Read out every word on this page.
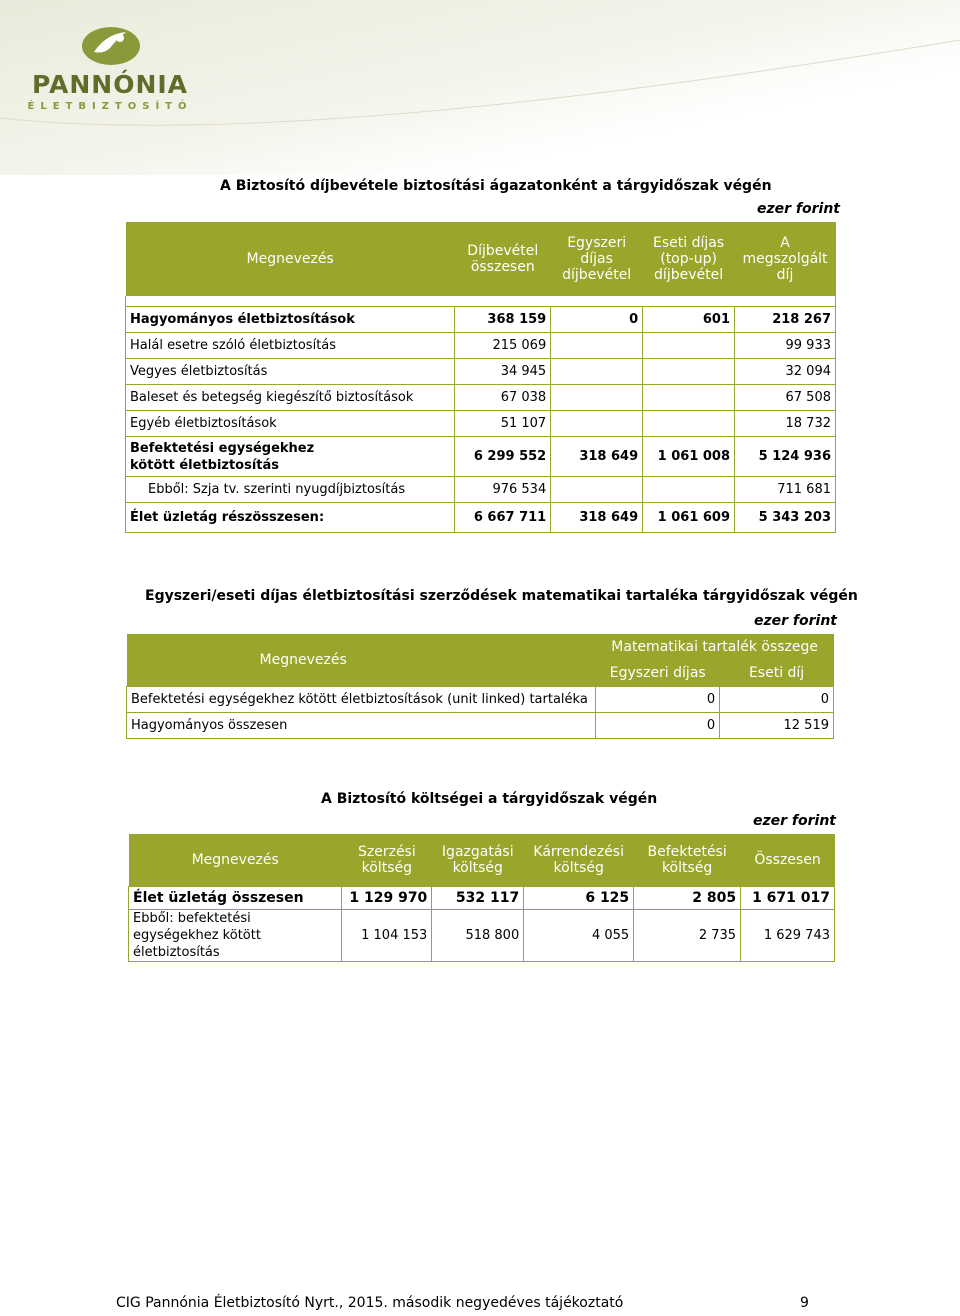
PANNÓNIA
ÉLETBIZTOSÍTÓ
A Biztosító díjbevétele biztosítási ágazatonként a tárgyidőszak végén
ezer forint
Megnevezés	Díjbevétel összesen	Egyszeri díjas díjbevétel	Eseti díjas (top-up) díjbevétel	A megszolgált díj

Hagyományos életbiztosítások	368 159	0	601	218 267
Halál esetre szóló életbiztosítás	215 069			99 933
Vegyes életbiztosítás	34 945			32 094
Baleset és betegség kiegészítő biztosítások	67 038			67 508
Egyéb életbiztosítások	51 107			18 732
Befektetési egységekhez kötött életbiztosítás	6 299 552	318 649	1 061 008	5 124 936
Ebből: Szja tv. szerinti nyugdíjbiztosítás	976 534			711 681
Élet üzletág részösszesen:	6 667 711	318 649	1 061 609	5 343 203
Egyszeri/eseti díjas életbiztosítási szerződések matematikai tartaléka tárgyidőszak végén
ezer forint
Megnevezés	Matematikai tartalék összege	
	Egyszeri díjas	Eseti díj
Befektetési egységekhez kötött életbiztosítások (unit linked) tartaléka	0	0
Hagyományos összesen	0	12 519
A Biztosító költségei a tárgyidőszak végén
ezer forint
Megnevezés	Szerzési költség	Igazgatási költség	Kárrendezési költség	Befektetési költség	Összesen
Élet üzletág összesen	1 129 970	532 117	6 125	2 805	1 671 017
Ebből: befektetési egységekhez kötött életbiztosítás	1 104 153	518 800	4 055	2 735	1 629 743
CIG Pannónia Életbiztosító Nyrt., 2015. második negyedéves tájékoztató	9
